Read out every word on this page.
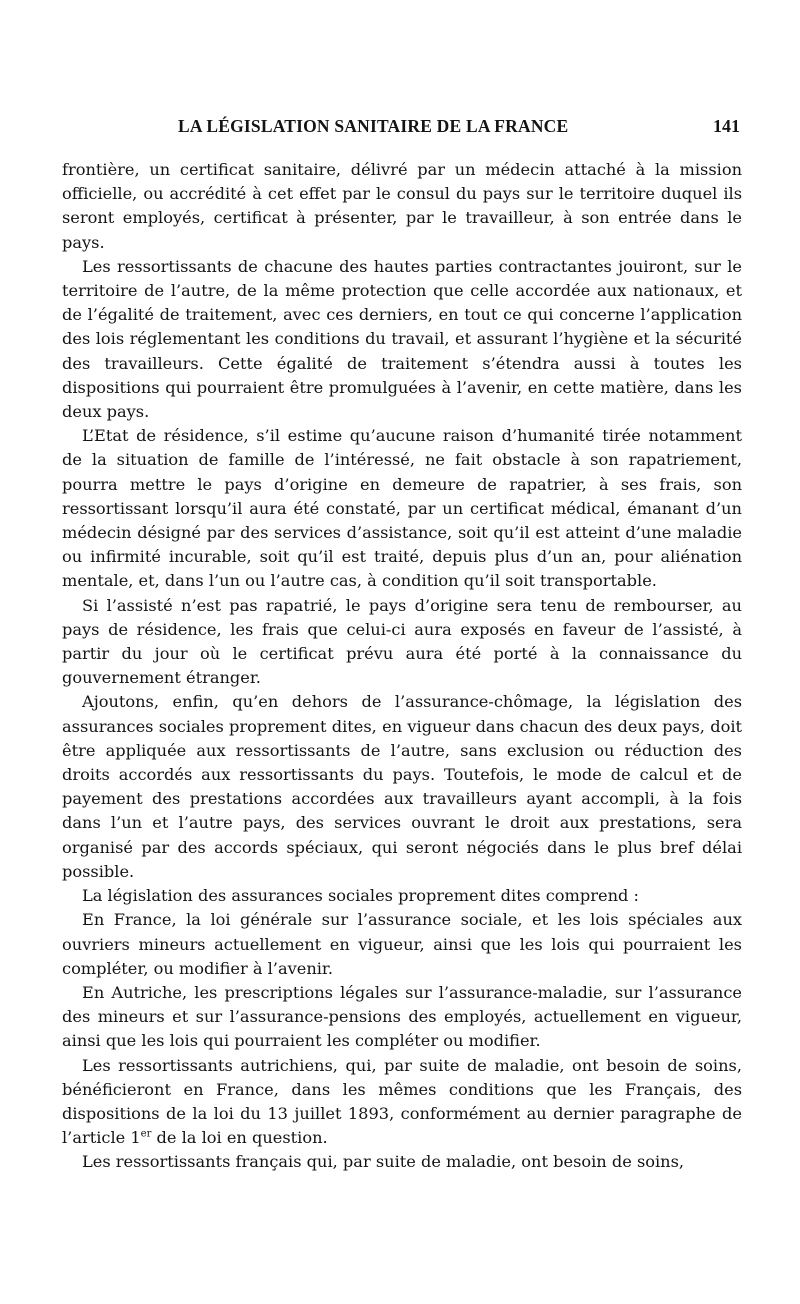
LA LÉGISLATION SANITAIRE DE LA FRANCE	141

frontière, un certificat sanitaire, délivré par un médecin attaché à la mission officielle, ou accrédité à cet effet par le consul du pays sur le territoire duquel ils seront employés, certificat à présenter, par le travailleur, à son entrée dans le pays.

Les ressortissants de chacune des hautes parties contractantes jouiront, sur le territoire de l’autre, de la même protection que celle accordée aux nationaux, et de l’égalité de traitement, avec ces derniers, en tout ce qui concerne l’application des lois réglementant les conditions du travail, et assurant l’hygiène et la sécurité des travailleurs. Cette égalité de traitement s’étendra aussi à toutes les dispositions qui pourraient être promulguées à l’avenir, en cette matière, dans les deux pays.

L’Etat de résidence, s’il estime qu’aucune raison d’humanité tirée notamment de la situation de famille de l’intéressé, ne fait obstacle à son rapatriement, pourra mettre le pays d’origine en demeure de rapatrier, à ses frais, son ressortissant lorsqu’il aura été constaté, par un certificat médical, émanant d’un médecin désigné par des services d’assistance, soit qu’il est atteint d’une maladie ou infirmité incurable, soit qu’il est traité, depuis plus d’un an, pour aliénation mentale, et, dans l’un ou l’autre cas, à condition qu’il soit transportable.

Si l’assisté n’est pas rapatrié, le pays d’origine sera tenu de rembourser, au pays de résidence, les frais que celui-ci aura exposés en faveur de l’assisté, à partir du jour où le certificat prévu aura été porté à la connaissance du gouvernement étranger.

Ajoutons, enfin, qu’en dehors de l’assurance-chômage, la législation des assurances sociales proprement dites, en vigueur dans chacun des deux pays, doit être appliquée aux ressortissants de l’autre, sans exclusion ou réduction des droits accordés aux ressortissants du pays. Toutefois, le mode de calcul et de payement des prestations accordées aux travailleurs ayant accompli, à la fois dans l’un et l’autre pays, des services ouvrant le droit aux prestations, sera organisé par des accords spéciaux, qui seront négociés dans le plus bref délai possible.

La législation des assurances sociales proprement dites comprend :

En France, la loi générale sur l’assurance sociale, et les lois spéciales aux ouvriers mineurs actuellement en vigueur, ainsi que les lois qui pourraient les compléter, ou modifier à l’avenir.

En Autriche, les prescriptions légales sur l’assurance-maladie, sur l’assurance des mineurs et sur l’assurance-pensions des employés, actuellement en vigueur, ainsi que les lois qui pourraient les compléter ou modifier.

Les ressortissants autrichiens, qui, par suite de maladie, ont besoin de soins, bénéficieront en France, dans les mêmes conditions que les Français, des dispositions de la loi du 13 juillet 1893, conformément au dernier paragraphe de l’article 1er de la loi en question.

Les ressortissants français qui, par suite de maladie, ont besoin de soins,
